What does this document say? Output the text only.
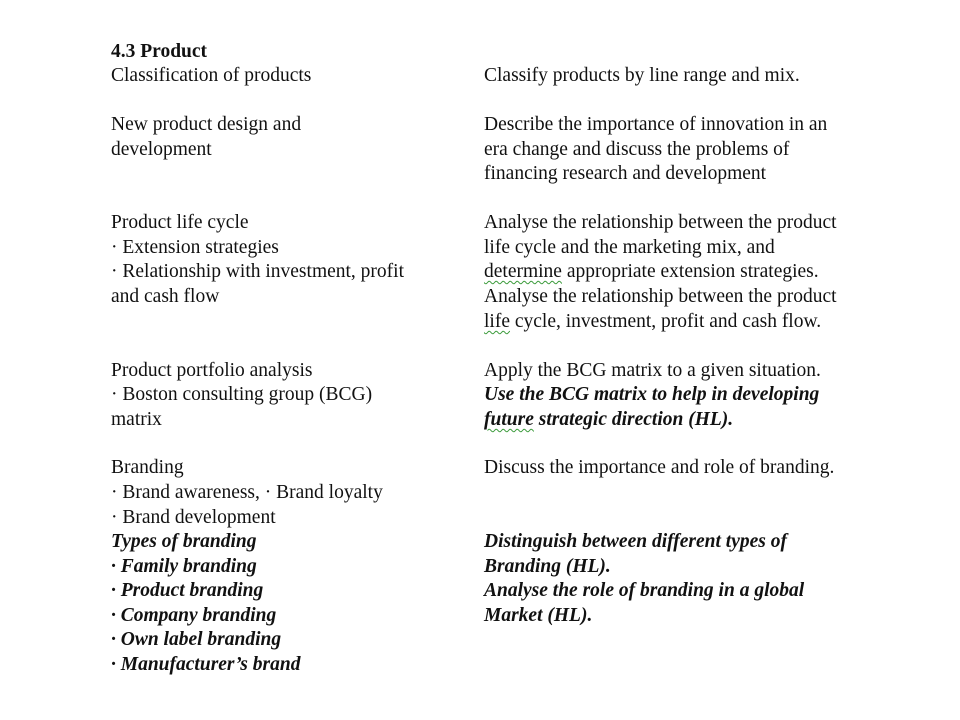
4.3 Product
Classification of products	Classify products by line range and mix.
New product design and
development
Describe the importance of innovation in an
era change and discuss the problems of
financing research and development
Product life cycle
· Extension strategies
· Relationship with investment, profit
and cash flow
Analyse the relationship between the product
life cycle and the marketing mix, and
determine appropriate extension strategies.
Analyse the relationship between the product
life cycle, investment, profit and cash flow.
Product portfolio analysis
· Boston consulting group (BCG)
matrix
Apply the BCG matrix to a given situation.
Use the BCG matrix to help in developing
future strategic direction (HL).
Branding
· Brand awareness, · Brand loyalty
· Brand development
Discuss the importance and role of branding.
Types of branding
· Family branding
· Product branding
· Company branding
· Own label branding
· Manufacturer’s brand
Distinguish between different types of
Branding (HL).
Analyse the role of branding in a global
Market (HL).
